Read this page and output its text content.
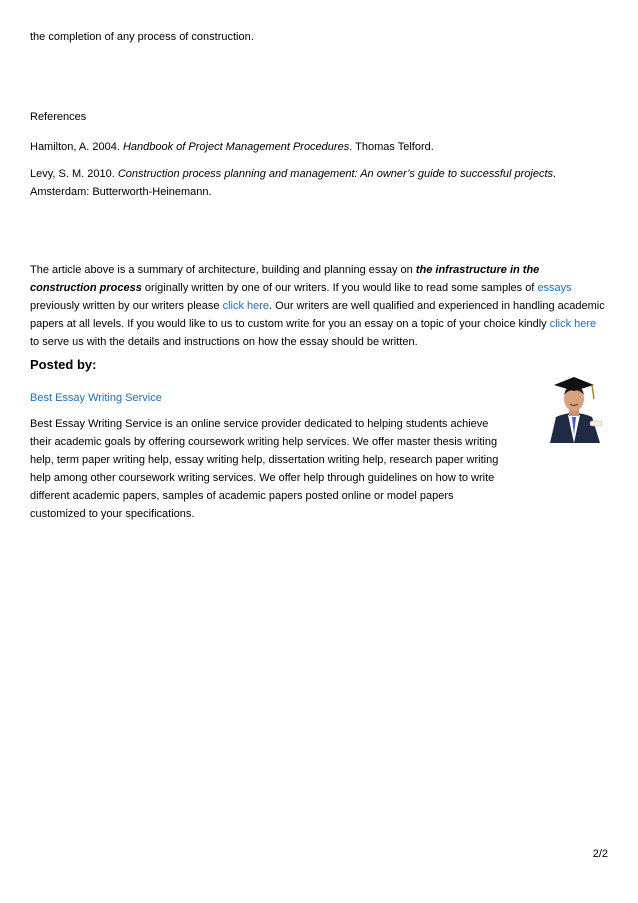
the completion of any process of construction.

References

Hamilton, A. 2004. Handbook of Project Management Procedures. Thomas Telford.

Levy, S. M. 2010. Construction process planning and management: An owner’s guide to successful projects. Amsterdam: Butterworth-Heinemann.

The article above is a summary of architecture, building and planning essay on the infrastructure in the construction process originally written by one of our writers. If you would like to read some samples of essays previously written by our writers please click here. Our writers are well qualified and experienced in handling academic papers at all levels. If you would like to us to custom write for you an essay on a topic of your choice kindly click here to serve us with the details and instructions on how the essay should be written.

Posted by:
Best Essay Writing Service

Best Essay Writing Service is an online service provider dedicated to helping students achieve their academic goals by offering coursework writing help services. We offer master thesis writing help, term paper writing help, essay writing help, dissertation writing help, research paper writing help among other coursework writing services. We offer help through guidelines on how to write different academic papers, samples of academic papers posted online or model papers customized to your specifications.

2/2
